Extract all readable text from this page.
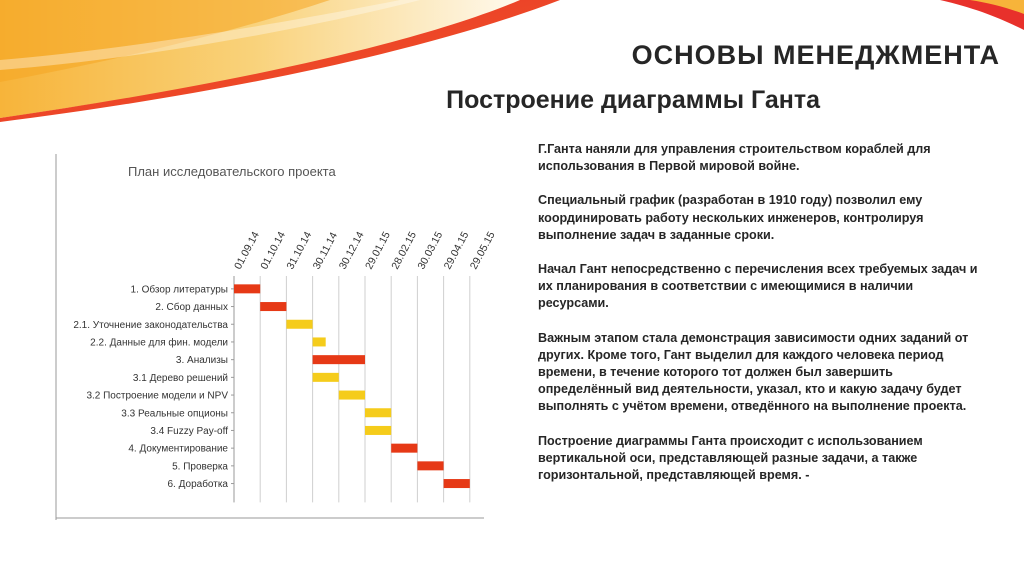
ОСНОВЫ МЕНЕДЖМЕНТА
Построение диаграммы Ганта
01.09.14
01.10.14
31.10.14
30.11.14
30.12.14
29.01.15
28.02.15
30.03.15
29.04.15
29.05.15
1. Обзор литературы
2. Сбор данных
2.1. Уточнение законодательства
2.2. Данные для фин. модели
3. Анализы
3.1 Дерево решений
3.2 Построение модели и NPV
3.3 Реальные опционы
3.4 Fuzzy Pay-off
4. Документирование
5. Проверка
6. Доработка
План исследовательского проекта

Г.Ганта наняли для управления строительством кораблей для использования в Первой мировой войне.

Специальный график (разработан в 1910 году) позволил ему координировать работу нескольких инженеров, контролируя выполнение задач в заданные сроки.

Начал Гант непосредственно с перечисления всех требуемых задач и их планирования в соответствии с имеющимися в наличии ресурсами.

Важным этапом стала демонстрация зависимости одних заданий от других. Кроме того, Гант выделил для каждого человека период времени, в течение которого тот должен был завершить определённый вид деятельности, указал, кто и какую задачу будет выполнять с учётом времени, отведённого на выполнение проекта.

Построение диаграммы Ганта происходит с использованием вертикальной оси, представляющей разные задачи, а также горизонтальной, представляющей время. -
